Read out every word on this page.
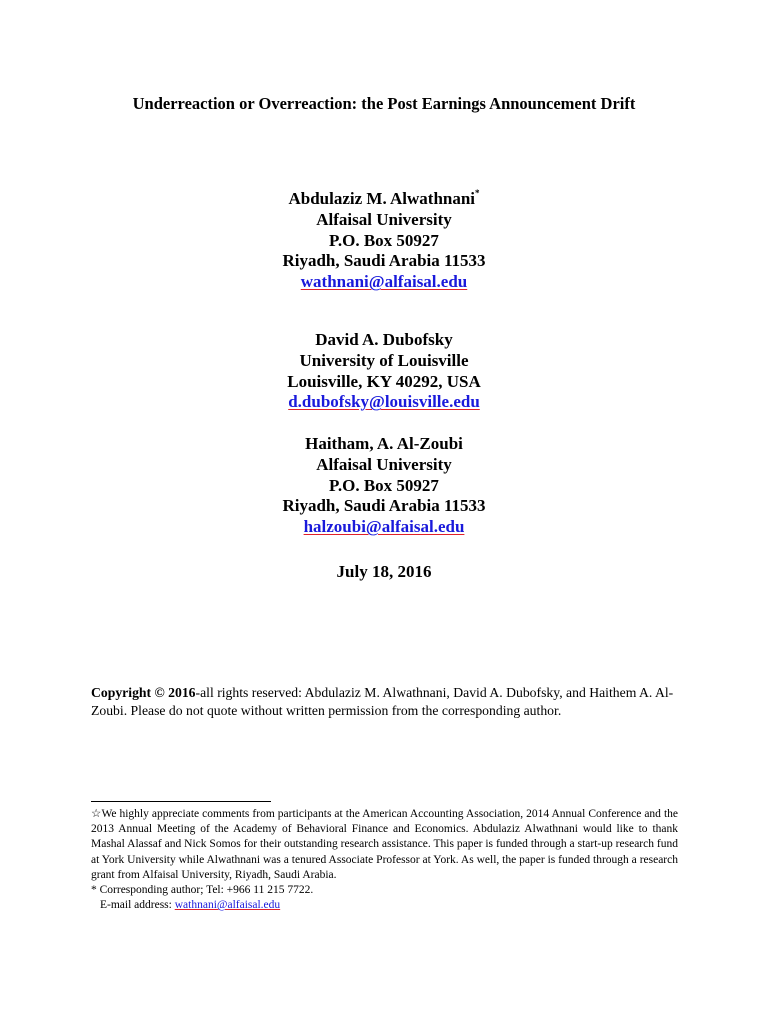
Underreaction or Overreaction: the Post Earnings Announcement Drift
Abdulaziz M. Alwathnani*
Alfaisal University
P.O. Box 50927
Riyadh, Saudi Arabia 11533
wathnani@alfaisal.edu
David A. Dubofsky
University of Louisville
Louisville, KY 40292, USA
d.dubofsky@louisville.edu
Haitham, A. Al-Zoubi
Alfaisal University
P.O. Box 50927
Riyadh, Saudi Arabia 11533
halzoubi@alfaisal.edu
July 18, 2016
Copyright © 2016-all rights reserved: Abdulaziz M. Alwathnani, David A. Dubofsky, and Haithem A. Al-Zoubi. Please do not quote without written permission from the corresponding author.
☆We highly appreciate comments from participants at the American Accounting Association, 2014 Annual Conference and the 2013 Annual Meeting of the Academy of Behavioral Finance and Economics. Abdulaziz Alwathnani would like to thank Mashal Alassaf and Nick Somos for their outstanding research assistance. This paper is funded through a start-up research fund at York University while Alwathnani was a tenured Associate Professor at York. As well, the paper is funded through a research grant from Alfaisal University, Riyadh, Saudi Arabia.
* Corresponding author; Tel: +966 11 215 7722.
E-mail address: wathnani@alfaisal.edu
